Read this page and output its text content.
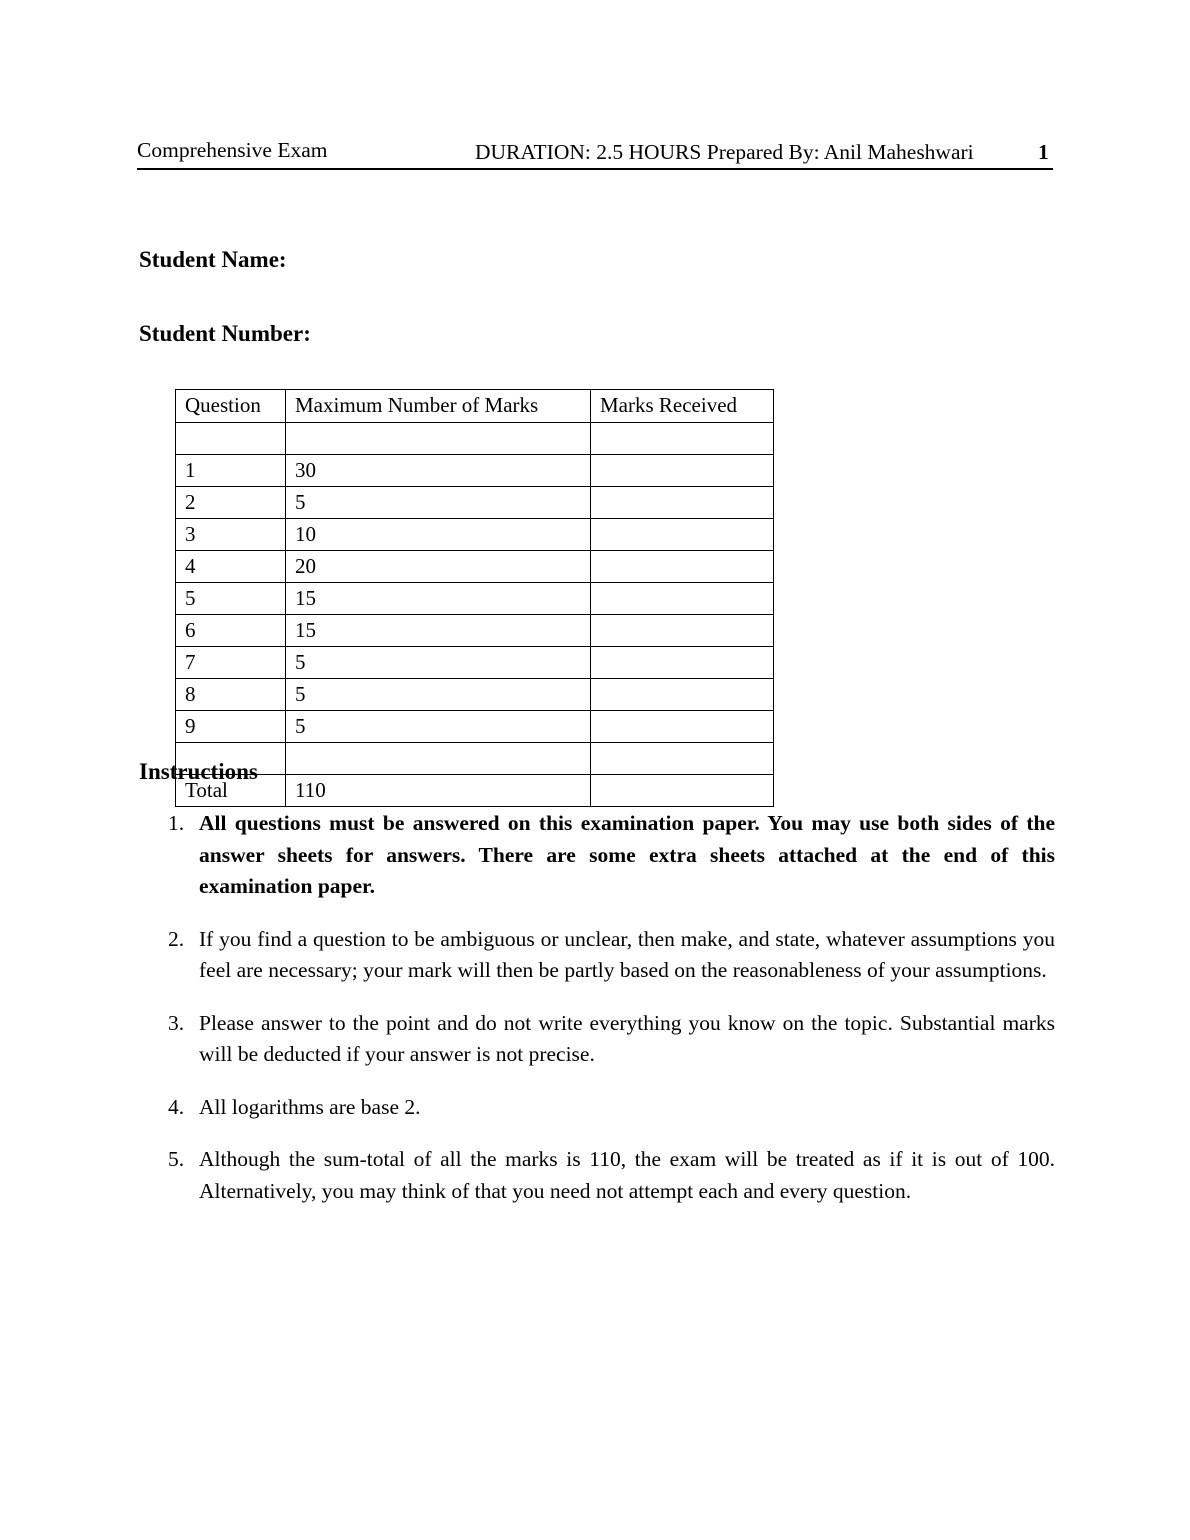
Comprehensive Exam	DURATION: 2.5 HOURS Prepared By: Anil Maheshwari	1
Student Name:
Student Number:
Question	Maximum Number of Marks	Marks Received

1	30	
2	5	
3	10	
4	20	
5	15	
6	15	
7	5	
8	5	
9	5	

Total	110	
Instructions
1. All questions must be answered on this examination paper. You may use both sides of the answer sheets for answers. There are some extra sheets attached at the end of this examination paper.
2. If you find a question to be ambiguous or unclear, then make, and state, whatever assumptions you feel are necessary; your mark will then be partly based on the reasonableness of your assumptions.
3. Please answer to the point and do not write everything you know on the topic. Substantial marks will be deducted if your answer is not precise.
4. All logarithms are base 2.
5. Although the sum-total of all the marks is 110, the exam will be treated as if it is out of 100. Alternatively, you may think of that you need not attempt each and every question.
